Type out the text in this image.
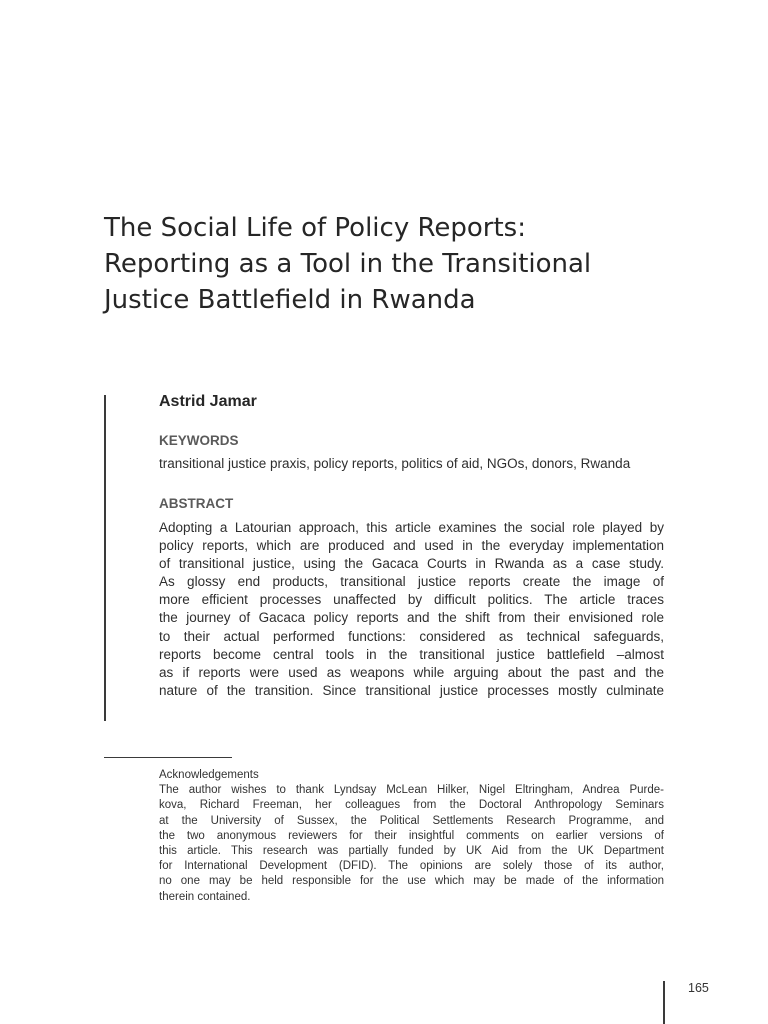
The Social Life of Policy Reports:
Reporting as a Tool in the Transitional
Justice Battlefield in Rwanda

Astrid Jamar

KEYWORDS

transitional justice praxis, policy reports, politics of aid, NGOs, donors, Rwanda

ABSTRACT

Adopting a Latourian approach, this article examines the social role played by
policy reports, which are produced and used in the everyday implementation
of transitional justice, using the Gacaca Courts in Rwanda as a case study.
As glossy end products, transitional justice reports create the image of
more efficient processes unaffected by difficult politics. The article traces
the journey of Gacaca policy reports and the shift from their envisioned role
to their actual performed functions: considered as technical safeguards,
reports become central tools in the transitional justice battlefield –almost
as if reports were used as weapons while arguing about the past and the
nature of the transition. Since transitional justice processes mostly culminate
Acknowledgements
The author wishes to thank Lyndsay McLean Hilker, Nigel Eltringham, Andrea Purde-
kova, Richard Freeman, her colleagues from the Doctoral Anthropology Seminars
at the University of Sussex, the Political Settlements Research Programme, and
the two anonymous reviewers for their insightful comments on earlier versions of
this article. This research was partially funded by UK Aid from the UK Department
for International Development (DFID). The opinions are solely those of its author,
no one may be held responsible for the use which may be made of the information
therein contained.
165
